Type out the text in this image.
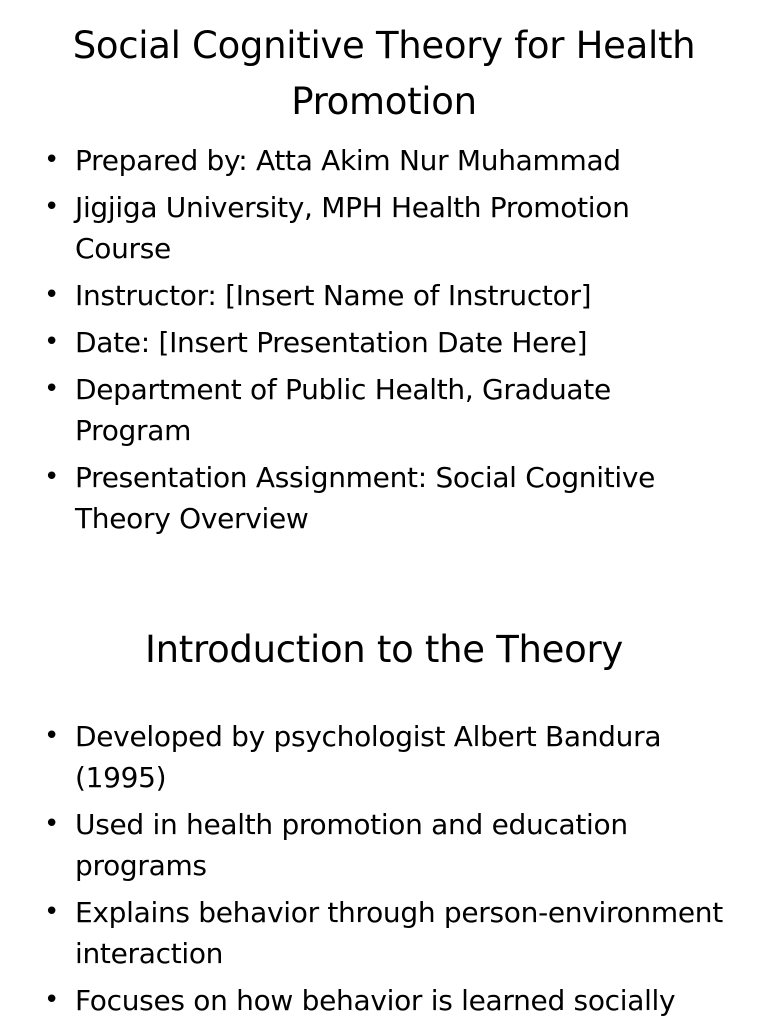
Social Cognitive Theory for Health Promotion
• Prepared by: Atta Akim Nur Muhammad
• Jigjiga University, MPH Health Promotion Course
• Instructor: [Insert Name of Instructor]
• Date: [Insert Presentation Date Here]
• Department of Public Health, Graduate Program
• Presentation Assignment: Social Cognitive Theory Overview
Introduction to the Theory
• Developed by psychologist Albert Bandura (1995)
• Used in health promotion and education programs
• Explains behavior through person-environment interaction
• Focuses on how behavior is learned socially
